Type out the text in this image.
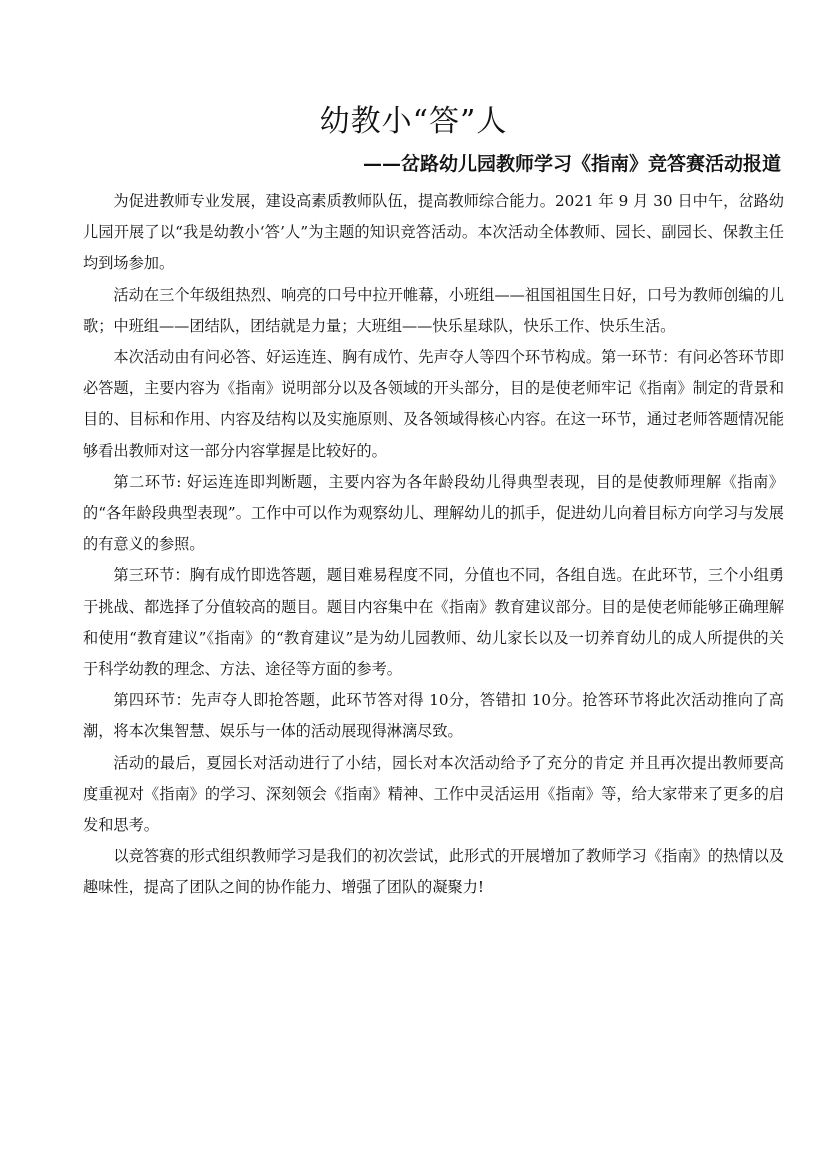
幼教小“答”人
——岔路幼儿园教师学习《指南》竞答赛活动报道

为促进教师专业发展，建设高素质教师队伍，提高教师综合能力。2021 年 9 月 30 日中午，岔路幼儿园开展了以“我是幼教小‘答’人”为主题的知识竞答活动。本次活动全体教师、园长、副园长、保教主任均到场参加。

活动在三个年级组热烈、响亮的口号中拉开帷幕，小班组——祖国祖国生日好，口号为教师创编的儿歌；中班组——团结队，团结就是力量；大班组——快乐星球队，快乐工作、快乐生活。

本次活动由有问必答、好运连连、胸有成竹、先声夺人等四个环节构成。第一环节：有问必答环节即必答题，主要内容为《指南》说明部分以及各领域的开头部分，目的是使老师牢记《指南》制定的背景和目的、目标和作用、内容及结构以及实施原则、及各领域得核心内容。在这一环节，通过老师答题情况能够看出教师对这一部分内容掌握是比较好的。

第二环节: 好运连连即判断题，主要内容为各年龄段幼儿得典型表现，目的是使教师理解《指南》的“各年龄段典型表现”。工作中可以作为观察幼儿、理解幼儿的抓手，促进幼儿向着目标方向学习与发展的有意义的参照。

第三环节：胸有成竹即选答题，题目难易程度不同，分值也不同，各组自选。在此环节，三个小组勇于挑战、都选择了分值较高的题目。题目内容集中在《指南》教育建议部分。目的是使老师能够正确理解和使用“教育建议”《指南》的“教育建议”是为幼儿园教师、幼儿家长以及一切养育幼儿的成人所提供的关于科学幼教的理念、方法、途径等方面的参考。

第四环节：先声夺人即抢答题，此环节答对得 10分，答错扣 10分。抢答环节将此次活动推向了高潮，将本次集智慧、娱乐与一体的活动展现得淋漓尽致。

活动的最后，夏园长对活动进行了小结，园长对本次活动给予了充分的肯定 并且再次提出教师要高度重视对《指南》的学习、深刻领会《指南》精神、工作中灵活运用《指南》等，给大家带来了更多的启发和思考。

以竞答赛的形式组织教师学习是我们的初次尝试，此形式的开展增加了教师学习《指南》的热情以及趣味性，提高了团队之间的协作能力、增强了团队的凝聚力!
